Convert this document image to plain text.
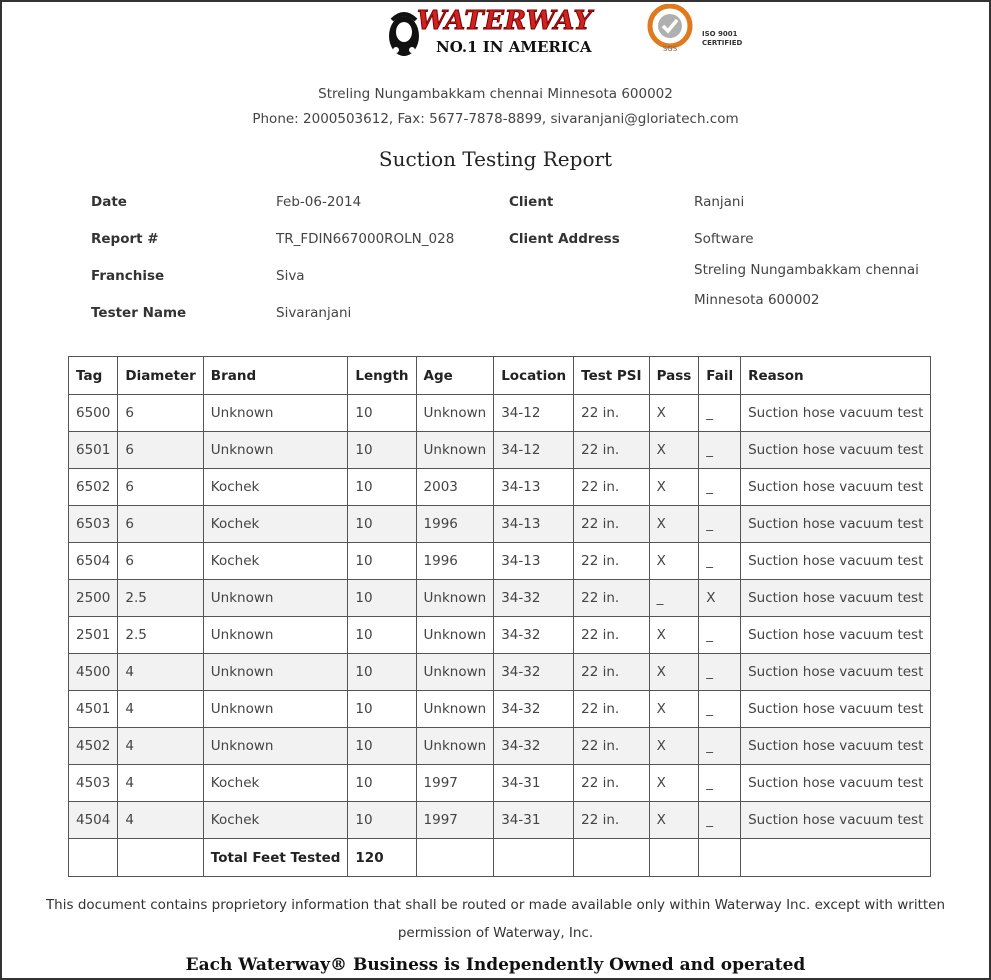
WATERWAY
NO.1 IN AMERICA	SGS
ISO 9001
CERTIFIED
Streling Nungambakkam chennai Minnesota 600002
Phone: 2000503612, Fax: 5677-7878-8899, sivaranjani@gloriatech.com
Suction Testing Report
Date	Feb-06-2014
Report #	TR_FDIN667000ROLN_028
Franchise	Siva
Tester Name	Sivaranjani
Client	Ranjani
Client Address	Software
Streling Nungambakkam chennai
Minnesota 600002
Tag	Diameter	Brand	Length	Age	Location	Test PSI	Pass	Fail	Reason
6500	6	Unknown	10	Unknown	34-12	22 in.	X	_	Suction hose vacuum test
6501	6	Unknown	10	Unknown	34-12	22 in.	X	_	Suction hose vacuum test
6502	6	Kochek	10	2003	34-13	22 in.	X	_	Suction hose vacuum test
6503	6	Kochek	10	1996	34-13	22 in.	X	_	Suction hose vacuum test
6504	6	Kochek	10	1996	34-13	22 in.	X	_	Suction hose vacuum test
2500	2.5	Unknown	10	Unknown	34-32	22 in.	_	X	Suction hose vacuum test
2501	2.5	Unknown	10	Unknown	34-32	22 in.	X	_	Suction hose vacuum test
4500	4	Unknown	10	Unknown	34-32	22 in.	X	_	Suction hose vacuum test
4501	4	Unknown	10	Unknown	34-32	22 in.	X	_	Suction hose vacuum test
4502	4	Unknown	10	Unknown	34-32	22 in.	X	_	Suction hose vacuum test
4503	4	Kochek	10	1997	34-31	22 in.	X	_	Suction hose vacuum test
4504	4	Kochek	10	1997	34-31	22 in.	X	_	Suction hose vacuum test
		Total Feet Tested	120						
This document contains proprietory information that shall be routed or made available only within Waterway Inc. except with written permission of Waterway, Inc.
Each Waterway® Business is Independently Owned and operated
